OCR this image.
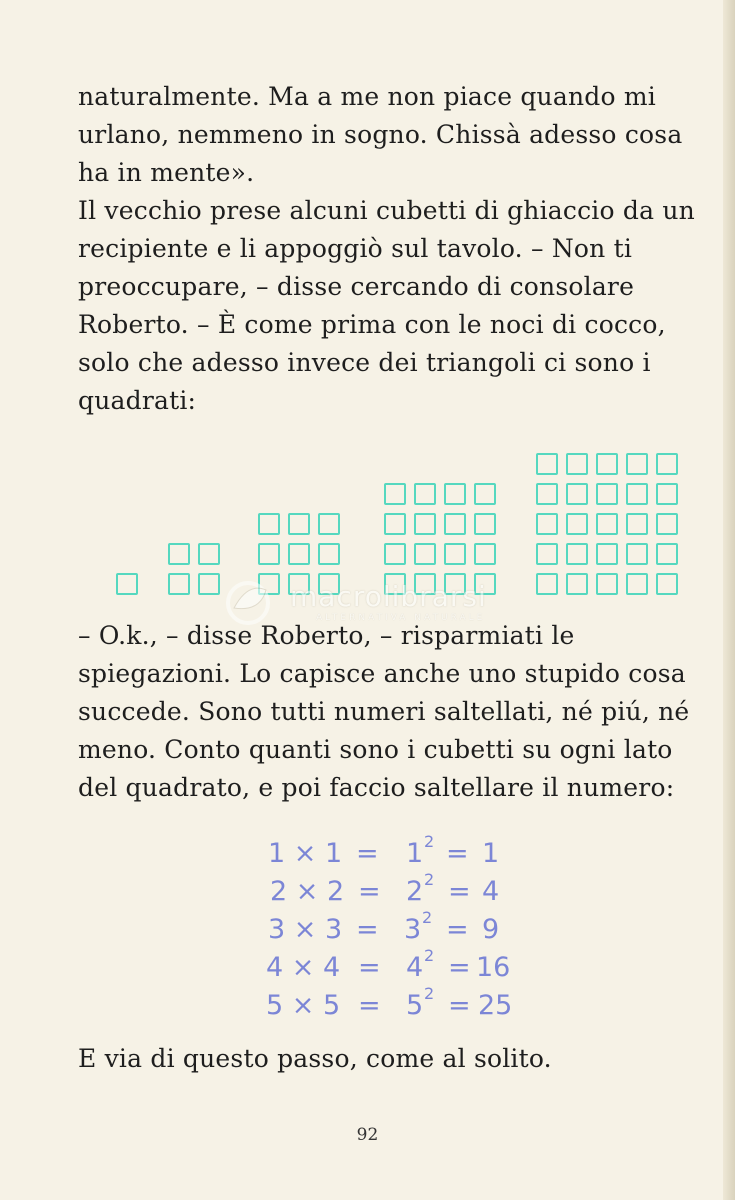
naturalmente. Ma a me non piace quando mi
urlano, nemmeno in sogno. Chissà adesso cosa
ha in mente».
Il vecchio prese alcuni cubetti di ghiaccio da un
recipiente e li appoggiò sul tavolo. – Non ti
preoccupare, – disse cercando di consolare
Roberto. – È come prima con le noci di cocco,
solo che adesso invece dei triangoli ci sono i
quadrati:
macrolibrarsi
ALTERNATIVA NATURALE
– O.k., – disse Roberto, – risparmiati le
spiegazioni. Lo capisce anche uno stupido cosa
succede. Sono tutti numeri saltellati, né piú, né
meno. Conto quanti sono i cubetti su ogni lato
del quadrato, e poi faccio saltellare il numero:
1 × 1 = 1 2 = 1
2 × 2 = 2 2 = 4
3 × 3 = 3 2 = 9
4 × 4 = 4 2 = 16
5 × 5 = 5 2 = 25
E via di questo passo, come al solito.
92
